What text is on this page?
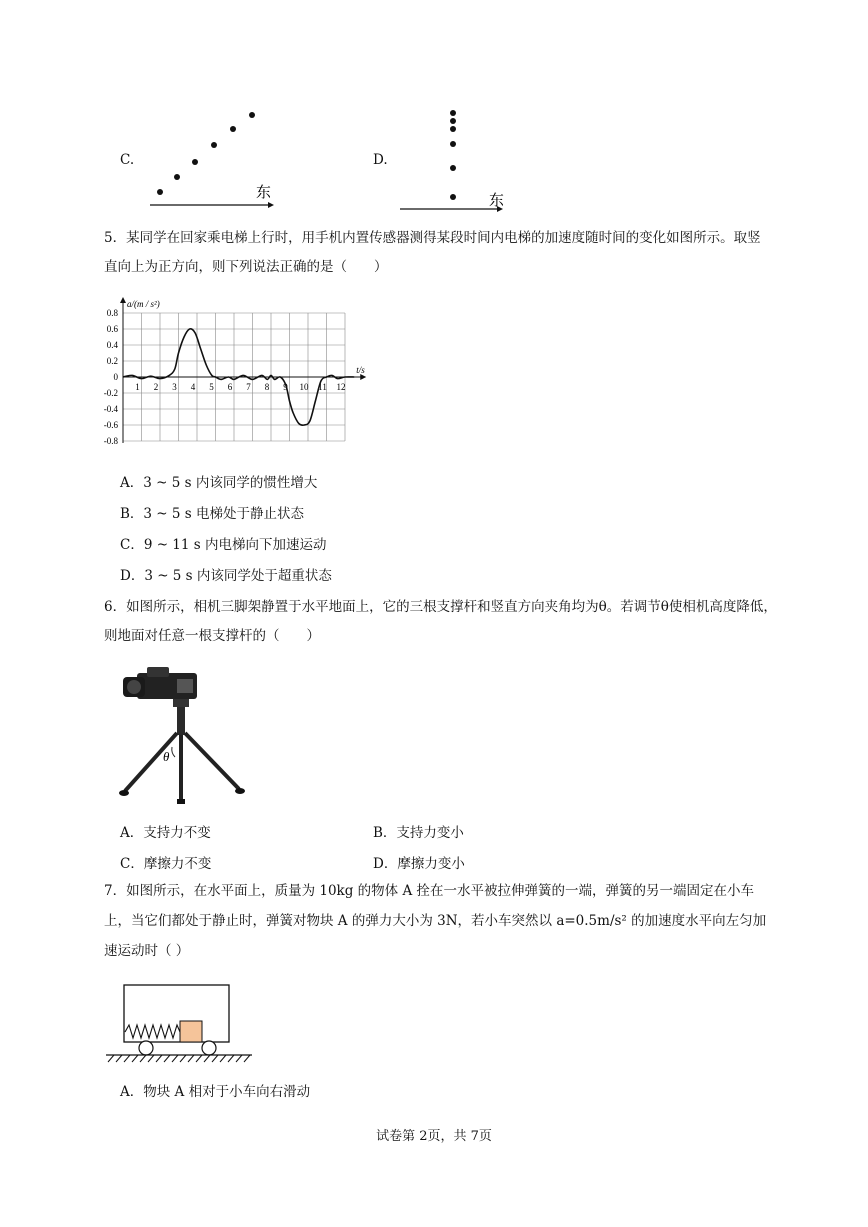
C.
东
D.
东
5．某同学在回家乘电梯上行时，用手机内置传感器测得某段时间内电梯的加速度随时间的变化如图所示。取竖
直向上为正方向，则下列说法正确的是（　　）
0.8
0.6
0.4
0.2
0
-0.2
-0.4
-0.6
-0.8
1 2 3 4 5 6 7 8 9 10 11 12
a/(m / s²)
t/s
A．3 ~ 5 s 内该同学的惯性增大
B．3 ~ 5 s 电梯处于静止状态
C．9 ~ 11 s 内电梯向下加速运动
D．3 ~ 5 s 内该同学处于超重状态
6．如图所示，相机三脚架静置于水平地面上，它的三根支撑杆和竖直方向夹角均为θ。若调节θ使相机高度降低，
则地面对任意一根支撑杆的（　　）
θ
A．支持力不变	B．支持力变小
C．摩擦力不变	D．摩擦力变小
7．如图所示，在水平面上，质量为 10kg 的物体 A 拴在一水平被拉伸弹簧的一端，弹簧的另一端固定在小车
上，当它们都处于静止时，弹簧对物块 A 的弹力大小为 3N，若小车突然以 a=0.5m/s² 的加速度水平向左匀加
速运动时（ ）
A．物块 A 相对于小车向右滑动
试卷第 2页，共 7页
